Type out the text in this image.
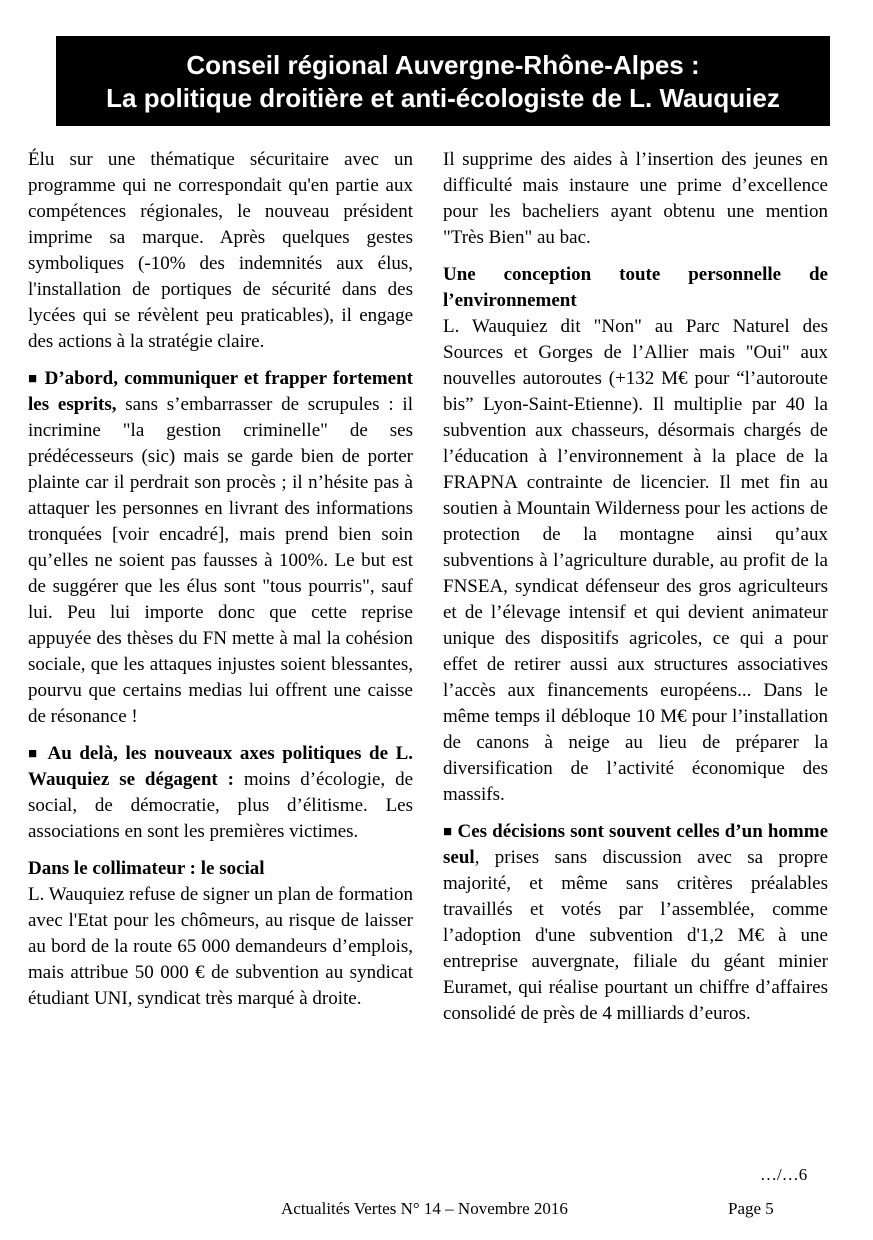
Conseil régional Auvergne-Rhône-Alpes :
La politique droitière et anti-écologiste de L. Wauquiez

Élu sur une thématique sécuritaire avec un programme qui ne correspondait qu'en partie aux compétences régionales, le nouveau président imprime sa marque. Après quelques gestes symboliques (-10% des indemnités aux élus, l'installation de portiques de sécurité dans des lycées qui se révèlent peu praticables), il engage des actions à la stratégie claire.

■ D’abord, communiquer et frapper fortement les esprits, sans s’embarrasser de scrupules : il incrimine "la gestion criminelle" de ses prédécesseurs (sic) mais se garde bien de porter plainte car il perdrait son procès ; il n’hésite pas à attaquer les personnes en livrant des informations tronquées [voir encadré], mais prend bien soin qu’elles ne soient pas fausses à 100%. Le but est de suggérer que les élus sont "tous pourris", sauf lui. Peu lui importe donc que cette reprise appuyée des thèses du FN mette à mal la cohésion sociale, que les attaques injustes soient blessantes, pourvu que certains medias lui offrent une caisse de résonance !

■ Au delà, les nouveaux axes politiques de L. Wauquiez se dégagent : moins d’écologie, de social, de démocratie, plus d’élitisme. Les associations en sont les premières victimes.

Dans le collimateur : le social

L. Wauquiez refuse de signer un plan de formation avec l'Etat pour les chômeurs, au risque de laisser au bord de la route 65 000 demandeurs d’emplois, mais attribue 50 000 € de subvention au syndicat étudiant UNI, syndicat très marqué à droite.

Il supprime des aides à l’insertion des jeunes en difficulté mais instaure une prime d’excellence pour les bacheliers ayant obtenu une mention "Très Bien" au bac.

Une conception toute personnelle de l’environnement

L. Wauquiez dit "Non" au Parc Naturel des Sources et Gorges de l’Allier mais "Oui" aux nouvelles autoroutes (+132 M€ pour “l’autoroute bis” Lyon-Saint-Etienne). Il multiplie par 40 la subvention aux chasseurs, désormais chargés de l’éducation à l’environnement à la place de la FRAPNA contrainte de licencier. Il met fin au soutien à Mountain Wilderness pour les actions de protection de la montagne ainsi qu’aux subventions à l’agriculture durable, au profit de la FNSEA, syndicat défenseur des gros agriculteurs et de l’élevage intensif et qui devient animateur unique des dispositifs agricoles, ce qui a pour effet de retirer aussi aux structures associatives l’accès aux financements européens... Dans le même temps il débloque 10 M€ pour l’installation de canons à neige au lieu de préparer la diversification de l’activité économique des massifs.

■ Ces décisions sont souvent celles d’un homme seul, prises sans discussion avec sa propre majorité, et même sans critères préalables travaillés et votés par l’assemblée, comme l’adoption d'une subvention d'1,2 M€ à une entreprise auvergnate, filiale du géant minier Euramet, qui réalise pourtant un chiffre d’affaires consolidé de près de 4 milliards d’euros.

…/…6
Actualités Vertes N° 14 – Novembre 2016	Page 5
